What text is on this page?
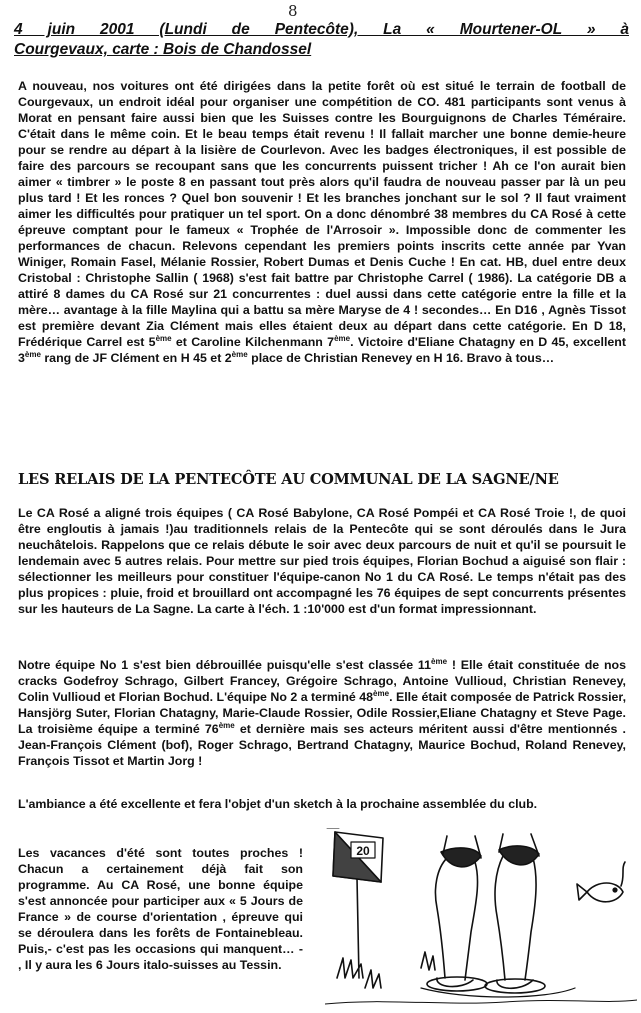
8
4 juin 2001 (Lundi de Pentecôte), La « Mourtener-OL » à
Courgevaux, carte : Bois de Chandossel

A nouveau, nos voitures ont été dirigées dans la petite forêt où est situé le terrain de football de Courgevaux, un endroit idéal pour organiser une compétition de CO. 481 participants sont venus à Morat en pensant faire aussi bien que les Suisses contre les Bourguignons de Charles Téméraire. C'était dans le même coin. Et le beau temps était revenu ! Il fallait marcher une bonne demie-heure pour se rendre au départ à la lisière de Courlevon. Avec les badges électroniques, il est possible de faire des parcours se recoupant sans que les concurrents puissent tricher ! Ah ce l'on aurait bien aimer « timbrer » le poste 8 en passant tout près alors qu'il faudra de nouveau passer par là un peu plus tard ! Et les ronces ? Quel bon souvenir ! Et les branches jonchant sur le sol ? Il faut vraiment aimer les difficultés pour pratiquer un tel sport. On a donc dénombré 38 membres du CA Rosé à cette épreuve comptant pour le fameux « Trophée de l'Arrosoir ». Impossible donc de commenter les performances de chacun. Relevons cependant les premiers points inscrits cette année par Yvan Winiger, Romain Fasel, Mélanie Rossier, Robert Dumas et Denis Cuche ! En cat. HB, duel entre deux Cristobal : Christophe Sallin ( 1968) s'est fait battre par Christophe Carrel ( 1986). La catégorie DB a attiré 8 dames du CA Rosé sur 21 concurrentes : duel aussi dans cette catégorie entre la fille et la mère… avantage à la fille Maylina qui a battu sa mère Maryse de 4 ! secondes… En D16 , Agnès Tissot est première devant Zia Clément mais elles étaient deux au départ dans cette catégorie. En D 18, Frédérique Carrel est 5ème et Caroline Kilchenmann 7ème. Victoire d'Eliane Chatagny en D 45, excellent 3ème rang de JF Clément en H 45 et 2ème place de Christian Renevey en H 16. Bravo à tous…

LES RELAIS DE LA PENTECÔTE AU COMMUNAL DE LA SAGNE/NE

Le CA Rosé a aligné trois équipes ( CA Rosé Babylone, CA Rosé Pompéi et CA Rosé Troie !, de quoi être engloutis à jamais !)au traditionnels relais de la Pentecôte qui se sont déroulés dans le Jura neuchâtelois. Rappelons que ce relais débute le soir avec deux parcours de nuit et qu'il se poursuit le lendemain avec 5 autres relais. Pour mettre sur pied trois équipes, Florian Bochud a aiguisé son flair : sélectionner les meilleurs pour constituer l'équipe-canon No 1 du CA Rosé. Le temps n'était pas des plus propices : pluie, froid et brouillard ont accompagné les 76 équipes de sept concurrents présentes sur les hauteurs de La Sagne. La carte à l'éch. 1 :10'000 est d'un format impressionnant.

Notre équipe No 1 s'est bien débrouillée puisqu'elle s'est classée 11ème ! Elle était constituée de nos cracks Godefroy Schrago, Gilbert Francey, Grégoire Schrago, Antoine Vullioud, Christian Renevey, Colin Vullioud et Florian Bochud. L'équipe No 2 a terminé 48ème. Elle était composée de Patrick Rossier, Hansjörg Suter, Florian Chatagny, Marie-Claude Rossier, Odile Rossier,Eliane Chatagny et Steve Page. La troisième équipe a terminé 76ème et dernière mais ses acteurs méritent aussi d'être mentionnés . Jean-François Clément (bof), Roger Schrago, Bertrand Chatagny, Maurice Bochud, Roland Renevey, François Tissot et Martin Jorg !

L'ambiance a été excellente et fera l'objet d'un sketch à la prochaine assemblée du club.

Les vacances d'été sont toutes proches ! Chacun a certainement déjà fait son programme. Au CA Rosé, une bonne équipe s'est annoncée pour participer aux « 5 Jours de France » de course d'orientation , épreuve qui se déroulera dans les forêts de Fontainebleau. Puis,- c'est pas les occasions qui manquent… - , Il y aura les 6 Jours italo-suisses au Tessin.

20
